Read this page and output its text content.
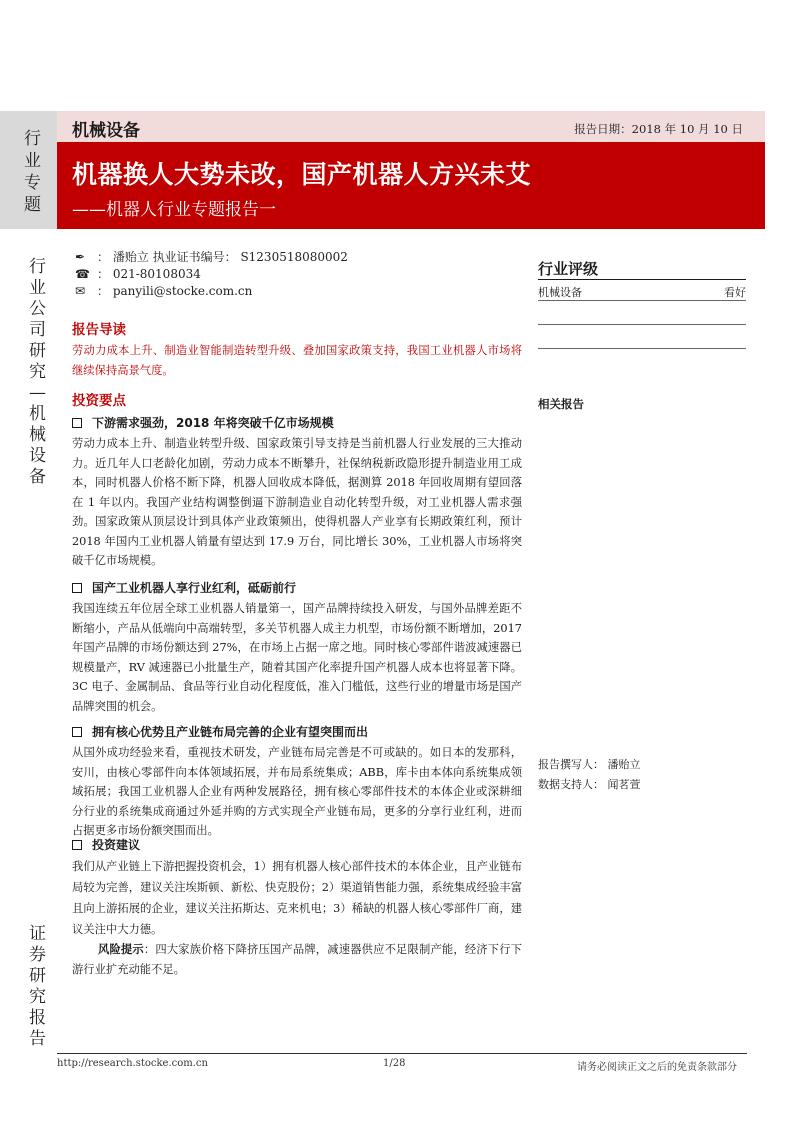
行业专题
机械设备	报告日期：2018 年 10 月 10 日
机器换人大势未改，国产机器人方兴未艾
——机器人行业专题报告一
行业公司研究—机械设备
证券研究报告
✒ ： 潘贻立 执业证书编号： S1230518080002
☎ ： 021-80108034
✉ ： panyili@stocke.com.cn
报告导读
劳动力成本上升、制造业智能制造转型升级、叠加国家政策支持，我国工业机器人市场将继续保持高景气度。
投资要点
下游需求强劲，2018 年将突破千亿市场规模
劳动力成本上升、制造业转型升级、国家政策引导支持是当前机器人行业发展的三大推动力。近几年人口老龄化加剧，劳动力成本不断攀升，社保纳税新政隐形提升制造业用工成本，同时机器人价格不断下降，机器人回收成本降低，据测算 2018 年回收周期有望回落在 1 年以内。我国产业结构调整倒逼下游制造业自动化转型升级，对工业机器人需求强劲。国家政策从顶层设计到具体产业政策频出，使得机器人产业享有长期政策红利，预计 2018 年国内工业机器人销量有望达到 17.9 万台，同比增长 30%，工业机器人市场将突破千亿市场规模。
国产工业机器人享行业红利，砥砺前行
我国连续五年位居全球工业机器人销量第一，国产品牌持续投入研发，与国外品牌差距不断缩小，产品从低端向中高端转型，多关节机器人成主力机型，市场份额不断增加，2017 年国产品牌的市场份额达到 27%，在市场上占据一席之地。同时核心零部件谐波减速器已规模量产，RV 减速器已小批量生产，随着其国产化率提升国产机器人成本也将显著下降。3C 电子、金属制品、食品等行业自动化程度低，准入门槛低，这些行业的增量市场是国产品牌突围的机会。
拥有核心优势且产业链布局完善的企业有望突围而出
从国外成功经验来看，重视技术研发，产业链布局完善是不可或缺的。如日本的发那科，安川，由核心零部件向本体领域拓展，并布局系统集成；ABB，库卡由本体向系统集成领域拓展；我国工业机器人企业有两种发展路径，拥有核心零部件技术的本体企业或深耕细分行业的系统集成商通过外延并购的方式实现全产业链布局，更多的分享行业红利，进而占据更多市场份额突围而出。
投资建议
我们从产业链上下游把握投资机会，1）拥有机器人核心部件技术的本体企业，且产业链布局较为完善，建议关注埃斯顿、新松、快克股份；2）渠道销售能力强，系统集成经验丰富且向上游拓展的企业，建议关注拓斯达、克来机电；3）稀缺的机器人核心零部件厂商，建议关注中大力德。
风险提示：四大家族价格下降挤压国产品牌，减速器供应不足限制产能，经济下行下游行业扩充动能不足。
行业评级
机械设备	看好
相关报告
报告撰写人： 潘贻立
数据支持人： 闻茗萱
http://research.stocke.com.cn	1/28	请务必阅读正文之后的免责条款部分
